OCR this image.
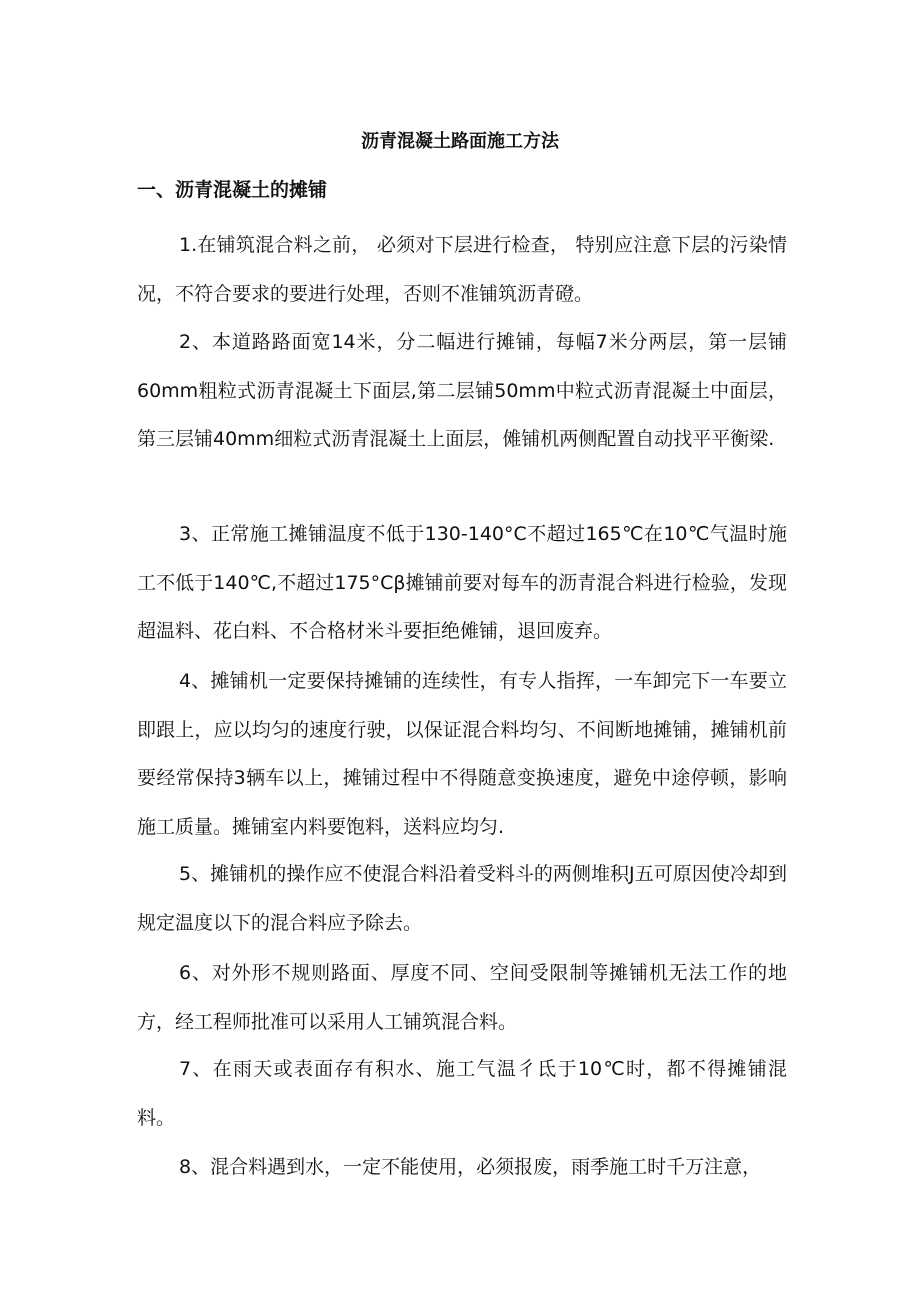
沥青混凝土路面施工方法
一、沥青混凝土的摊铺

1.在铺筑混合料之前， 必须对下层进行检查， 特别应注意下层的污染情况，不符合要求的要进行处理，否则不准铺筑沥青磴。

2、本道路路面宽14米，分二幅进行摊铺，每幅7米分两层，第一层铺60mm粗粒式沥青混凝土下面层,第二层铺50mm中粒式沥青混凝土中面层，第三层铺40mm细粒式沥青混凝土上面层，傩铺机两侧配置自动找平平衡梁.

3、正常施工摊铺温度不低于130-140°C不超过165℃在10℃气温时施工不低于140℃,不超过175°Cβ摊铺前要对每车的沥青混合料进行检验，发现超温料、花白料、不合格材米斗要拒绝傩铺，退回废弃。

4、摊铺机一定要保持摊铺的连续性，有专人指挥，一车卸完下一车要立即跟上，应以均匀的速度行驶，以保证混合料均匀、不间断地摊铺，摊铺机前要经常保持3辆车以上，摊铺过程中不得随意变换速度，避免中途停顿，影响施工质量。摊铺室内料要饱料，送料应均匀.

5、摊铺机的操作应不使混合料沿着受料斗的两侧堆积J五可原因使冷却到规定温度以下的混合料应予除去。

6、对外形不规则路面、厚度不同、空间受限制等摊铺机无法工作的地方，经工程师批准可以采用人工铺筑混合料。

7、在雨天或表面存有积水、施工气温彳氐于10℃时，都不得摊铺混料。

8、混合料遇到水，一定不能使用，必须报废，雨季施工时千万注意，
